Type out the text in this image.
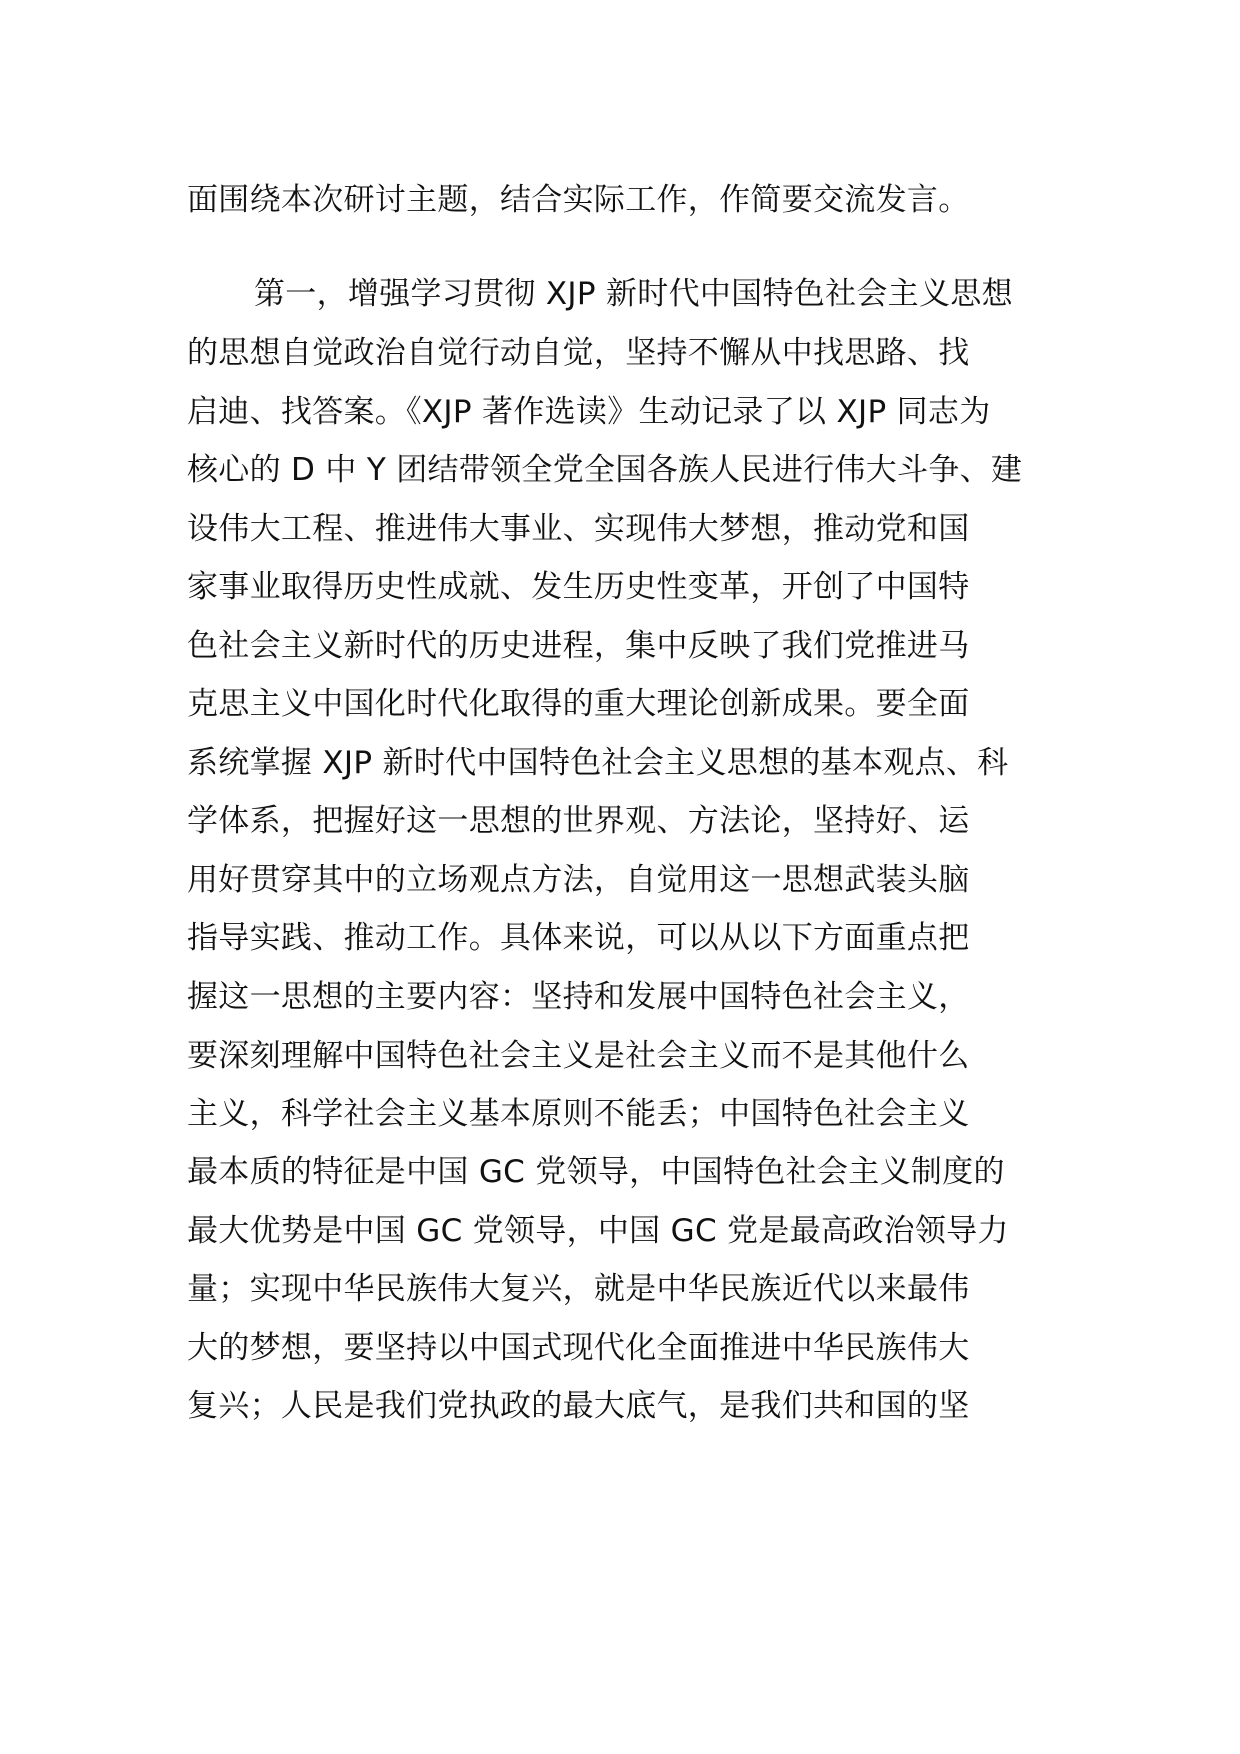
面围绕本次研讨主题，结合实际工作，作简要交流发言。
第一，增强学习贯彻 XJP 新时代中国特色社会主义思想
的思想自觉政治自觉行动自觉，坚持不懈从中找思路、找
启迪、找答案。《XJP 著作选读》生动记录了以 XJP 同志为
核心的 D 中 Y 团结带领全党全国各族人民进行伟大斗争、建
设伟大工程、推进伟大事业、实现伟大梦想，推动党和国
家事业取得历史性成就、发生历史性变革，开创了中国特
色社会主义新时代的历史进程，集中反映了我们党推进马
克思主义中国化时代化取得的重大理论创新成果。要全面
系统掌握 XJP 新时代中国特色社会主义思想的基本观点、科
学体系，把握好这一思想的世界观、方法论，坚持好、运
用好贯穿其中的立场观点方法，自觉用这一思想武装头脑
指导实践、推动工作。具体来说，可以从以下方面重点把
握这一思想的主要内容：坚持和发展中国特色社会主义，
要深刻理解中国特色社会主义是社会主义而不是其他什么
主义，科学社会主义基本原则不能丢；中国特色社会主义
最本质的特征是中国 GC 党领导，中国特色社会主义制度的
最大优势是中国 GC 党领导，中国 GC 党是最高政治领导力
量；实现中华民族伟大复兴，就是中华民族近代以来最伟
大的梦想，要坚持以中国式现代化全面推进中华民族伟大
复兴；人民是我们党执政的最大底气，是我们共和国的坚
